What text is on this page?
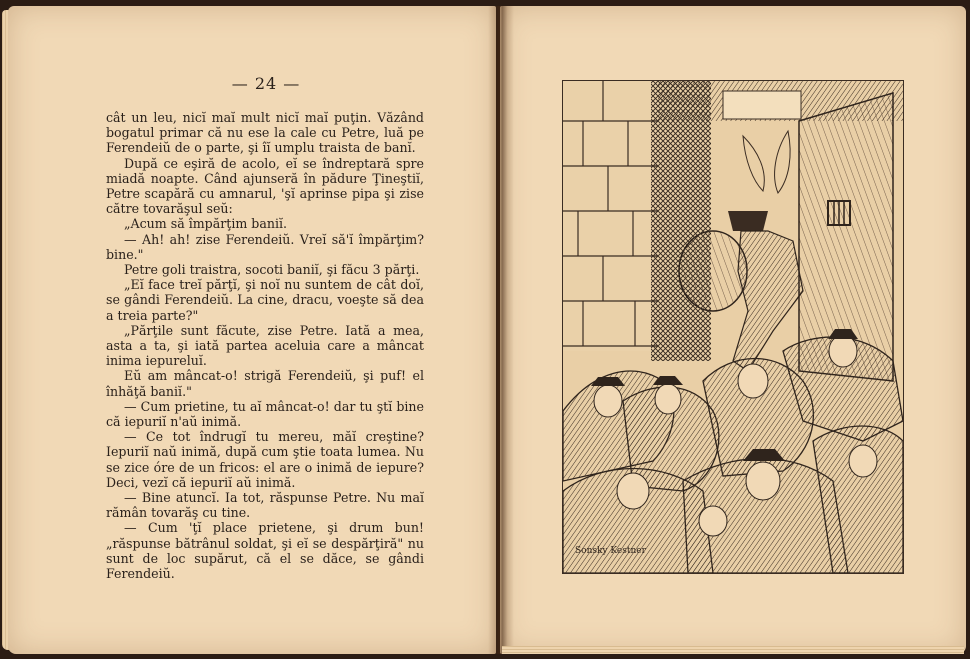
— 24 —

cât un leu, nicĭ maĭ mult nicĭ maĭ puţin. Văzând bogatul primar că nu ese la cale cu Petre, luă pe Ferendeiŭ de o parte, şi îĭ umplu traista de banĭ.

După ce eşiră de acolo, eĭ se îndreptară spre miadă noapte. Când ajunseră în pădure Ţineştiĭ, Petre scapără cu amnarul, 'şĭ aprinse pipa şi zise către tovarăşul seŭ:

„Acum să împărţim baniĭ.

— Ah! ah! zise Ferendeiŭ. Vreĭ să'ĭ împărţim? bine."

Petre goli traistra, socoti baniĭ, şi făcu 3 părţi.

„Eĭ face treĭ părţĭ, şi noĭ nu suntem de cât doĭ, se gândi Ferendeiŭ. La cine, dracu, voeşte să dea a treia parte?"

„Părţile sunt făcute, zise Petre. Iată a mea, asta a ta, şi iată partea aceluia care a mâncat inima iepureluĭ.

Eŭ am mâncat-o! strigă Ferendeiŭ, şi puf! el înhăţă baniĭ."

— Cum prietine, tu aĭ mâncat-o! dar tu ştĭ bine că iepuriĭ n'aŭ inimă.

— Ce tot îndrugĭ tu mereu, măĭ creştine? Iepuriĭ naŭ inimă, după cum ştie toata lumea. Nu se zice óre de un fricos: el are o inimă de iepure? Deci, vezĭ că iepuriĭ aŭ inimă.

— Bine atuncĭ. Ia tot, răspunse Petre. Nu maĭ rămân tovarăş cu tine.

— Cum 'ţĭ place prietene, şi drum bun! „răspunse bătrânul soldat, şi eĭ se despărţiră" nu sunt de loc supărut, că el se dăce, se gândi Ferendeiŭ.

Sonsky Kestner
